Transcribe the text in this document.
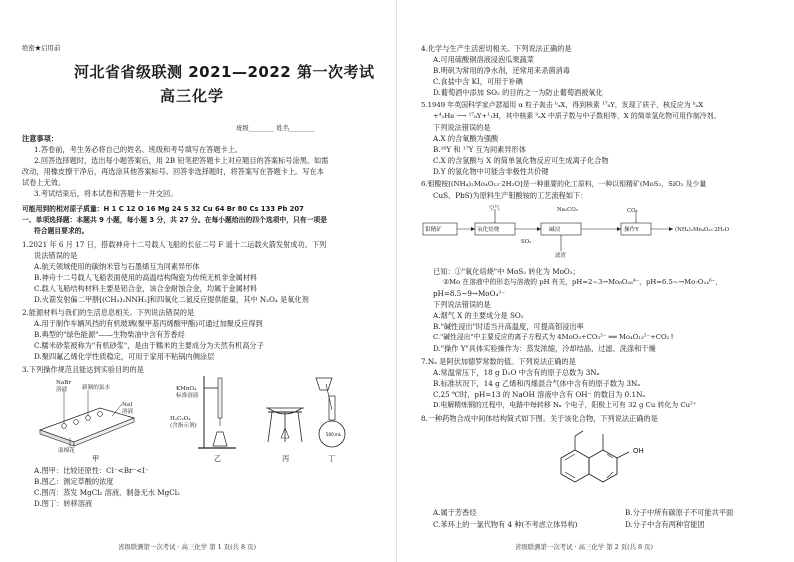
绝密★启用前
河北省省级联测 2021—2022 第一次考试
高三化学
班级________ 姓名________
注意事项：
1.答卷前，考生务必将自己的姓名、班级和考号填写在答题卡上。
2.回答选择题时，选出每小题答案后，用 2B 铅笔把答题卡上对应题目的答案标号涂黑。如需
改动，用橡皮擦干净后，再选涂其他答案标号。回答非选择题时，将答案写在答题卡上。写在本
试卷上无效。
3.考试结束后，将本试卷和答题卡一并交回。
可能用到的相对原子质量：H 1 C 12 O 16 Mg 24 S 32 Cu 64 Br 80 Cs 133 Pb 207
一、单项选择题：本题共 9 小题，每小题 3 分，共 27 分。在每小题给出的四个选项中，只有一项是
符合题目要求的。
1.2021 年 6 月 17 日，搭载神舟十二号载人飞船的长征二号 F 遥十二运载火箭发射成功。下列
说法错误的是
A.航天领域使用的碳纳米管与石墨烯互为同素异形体
B.神舟十二号载人飞船表面使用的高温结构陶瓷为传统无机非金属材料
C.载人飞船结构材料主要是铝合金，该合金耐蚀合金，均属于金属材料
D.火箭发射偏二甲肼[(CH₃)₂NNH₂]和四氧化二氮反应提供能量，其中 N₂O₄ 是氧化剂
2.能源材料与我们的生活息息相关。下列说法错误的是
A.用于制作车辆风挡的有机玻璃(聚甲基丙烯酸甲酯)可通过加聚反应得到
B.典型的"绿色能源"——生物柴油中含有芳香烃
C.糯米砂浆被称为"有机砂浆"，是由于糯米的主要成分为天然有机高分子
D.聚四氟乙烯化学性质稳定，可用于家用不粘锅内侧涂层
3.下列操作规范且能达到实验目的的是
NaBr
溶液	新制的氯水
NaI
溶液
湿棉花
甲
KMnO₄
标准溶液
H₂C₂O₄
(含指示剂)
乙	丙
500 mL
丁
A.图甲：比较还原性：Cl⁻<Br⁻<I⁻
B.图乙：测定草酸的浓度
C.图丙：蒸发 MgCl₂ 溶液，制备无水 MgCl₂
D.图丁：转移溶液
省级联测第一次考试 · 高三化学 第 1 页(共 8 页)
4.化学与生产生活密切相关。下列说法正确的是
A.可用硫酸铜溶液浸泡瓜果蔬菜
B.明矾为常用的净水剂，还常用来杀菌消毒
C.食盐中含 KI，可用于补碘
D.葡萄酒中添加 SO₂ 的目的之一为防止葡萄酒被氧化
5.1949 年英国科学家卢瑟福用 α 粒子轰击 ᵇₐX，得到核素 ¹⁷₈Y，发现了质子，核反应为 ᵇₐX
+⁴₂He ⟶ ¹⁷₈Y+¹₁H，其中核素 ᵇₐX 中质子数与中子数相等，X 的简单氢化物可用作制冷剂。
下列说法错误的是
A.X 的含氧酸为强酸
B.¹⁶Y 和 ¹⁷Y 互为同素异形体
C.X 的含氢酸与 X 的简单氢化物反应可生成离子化合物
D.Y 的氢化物中可能含非极性共价键
6.钼酸铵[(NH₄)₂Mo₄O₁₃·2H₂O]是一种重要的化工原料，一种以钼精矿(MoS₂，SiO₂ 及少量
CuS、PbS)为原料生产钼酸铵的工艺流程如下：
钼精矿	氧化焙烧	碱浸	操作Y	(NH₄)₂Mo₄O₁₃·2H₂O
空气	Na₂CO₃
SO₂
CO₂
滤渣
已知：①"氧化焙烧"中 MoS₂ 转化为 MoO₃；
②Mo 在溶液中的形态与溶液的 pH 有关，pH=2~3→Mo₈O₂₆⁴⁻，pH=6.5~→Mo₇O₂₄⁶⁻，
pH=8.5~9→MoO₄²⁻
下列说法错误的是
A.烟气 X 的主要成分是 SO₂
B."碱性浸出"时适当升高温度，可提高钼浸出率
C."碱性浸出"中主要反应的离子方程式为 4MoO₃+CO₃²⁻ ══ Mo₄O₁₃²⁻+CO₂↑
D."操作 Y"具体实验操作为：蒸发浓缩，冷却结晶，过滤、洗涤和干燥
7.Nₐ 是阿伏加德罗常数的值。下列说法正确的是
A.常温常压下，18 g D₂O 中含有的原子总数为 3Nₐ
B.标准状况下，14 g 乙烯和丙烯混合气体中含有的原子数为 3Nₐ
C.25 ℃时，pH=13 的 NaOH 溶液中含有 OH⁻ 的数目为 0.1Nₐ
D.电解精炼铜的过程中，电路中每转移 Nₐ 个电子，阳极上可有 32 g Cu 转化为 Cu²⁺
8.一种药物合成中间体结构简式如下图。关于该化合物，下列说法正确的是
OH
A.属于芳香烃	B.分子中所有碳原子不可能共平面
C.苯环上的一氯代物有 4 种(不考虑立体异构)	D.分子中含有两种官能团
省级联测第一次考试 · 高三化学 第 2 页(共 8 页)
